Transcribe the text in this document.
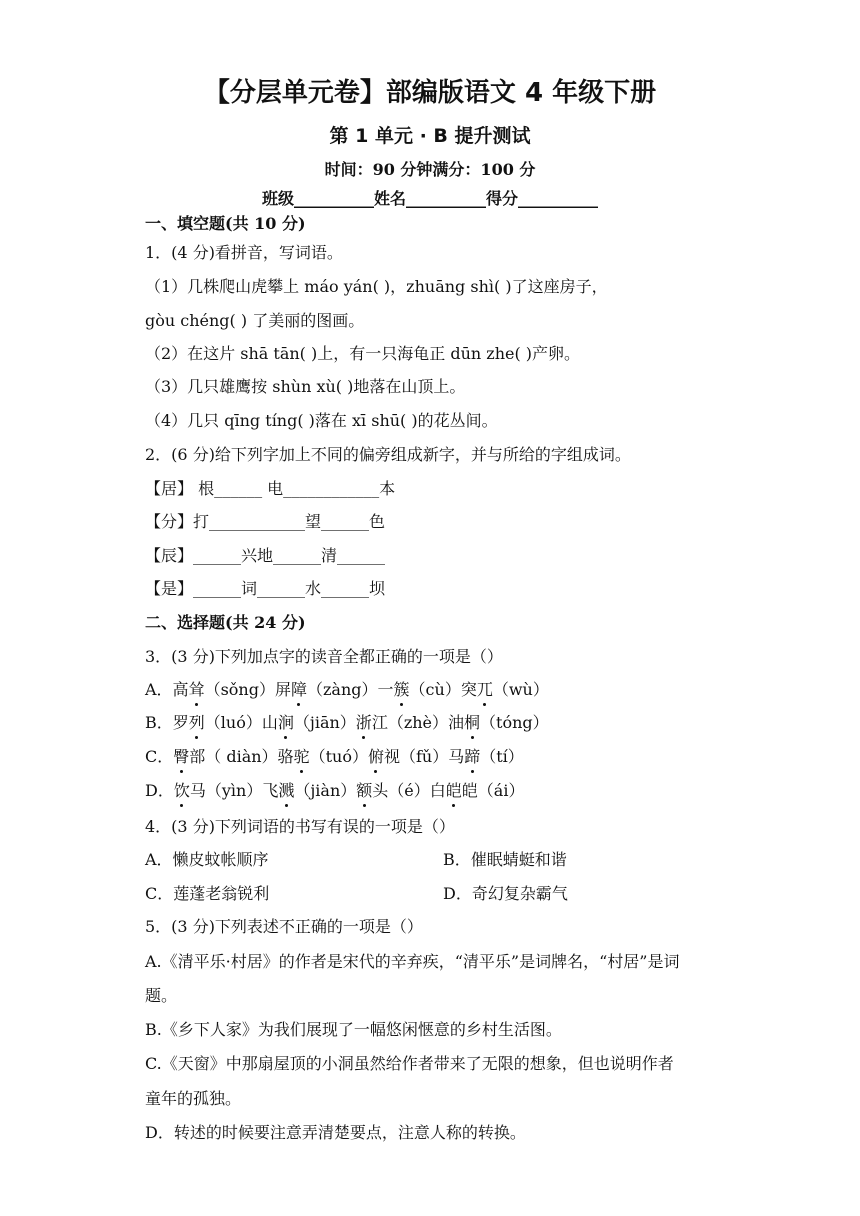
【分层单元卷】部编版语文 4 年级下册
第 1 单元 · B 提升测试
时间：90 分钟满分：100 分
班级__________姓名__________得分__________
一、填空题(共 10 分)
1．(4 分)看拼音，写词语。
（1）几株爬山虎攀上 máo yán( )，zhuāng shì( )了这座房子，
gòu chéng( ) 了美丽的图画。
（2）在这片 shā tān( )上，有一只海龟正 dūn zhe( )产卵。
（3）几只雄鹰按 shùn xù( )地落在山顶上。
（4）几只 qīng tíng( )落在 xī shū( )的花丛间。
2．(6 分)给下列字加上不同的偏旁组成新字，并与所给的字组成词。
【居】 根______ 电____________本
【分】打____________望______色
【辰】______兴地______清______
【是】______词______水______坝
二、选择题(共 24 分)
3．(3 分)下列加点字的读音全都正确的一项是（）
A．高耸（sǒng）屏障（zàng）一簇（cù）突兀（wù）
B．罗列（luó）山涧（jiān）浙江（zhè）油桐（tóng）
C．臀部（ diàn）骆驼（tuó）俯视（fǔ）马蹄（tí）
D．饮马（yìn）飞溅（jiàn）额头（é）白皑皑（ái）
4．(3 分)下列词语的书写有误的一项是（）
A．懒皮蚊帐顺序	B．催眠蜻蜓和谐
C．莲蓬老翁锐利	D．奇幻复杂霸气
5．(3 分)下列表述不正确的一项是（）
A.《清平乐·村居》的作者是宋代的辛弃疾，“清平乐”是词牌名，“村居”是词
题。
B.《乡下人家》为我们展现了一幅悠闲惬意的乡村生活图。
C.《天窗》中那扇屋顶的小洞虽然给作者带来了无限的想象，但也说明作者
童年的孤独。
D．转述的时候要注意弄清楚要点，注意人称的转换。
